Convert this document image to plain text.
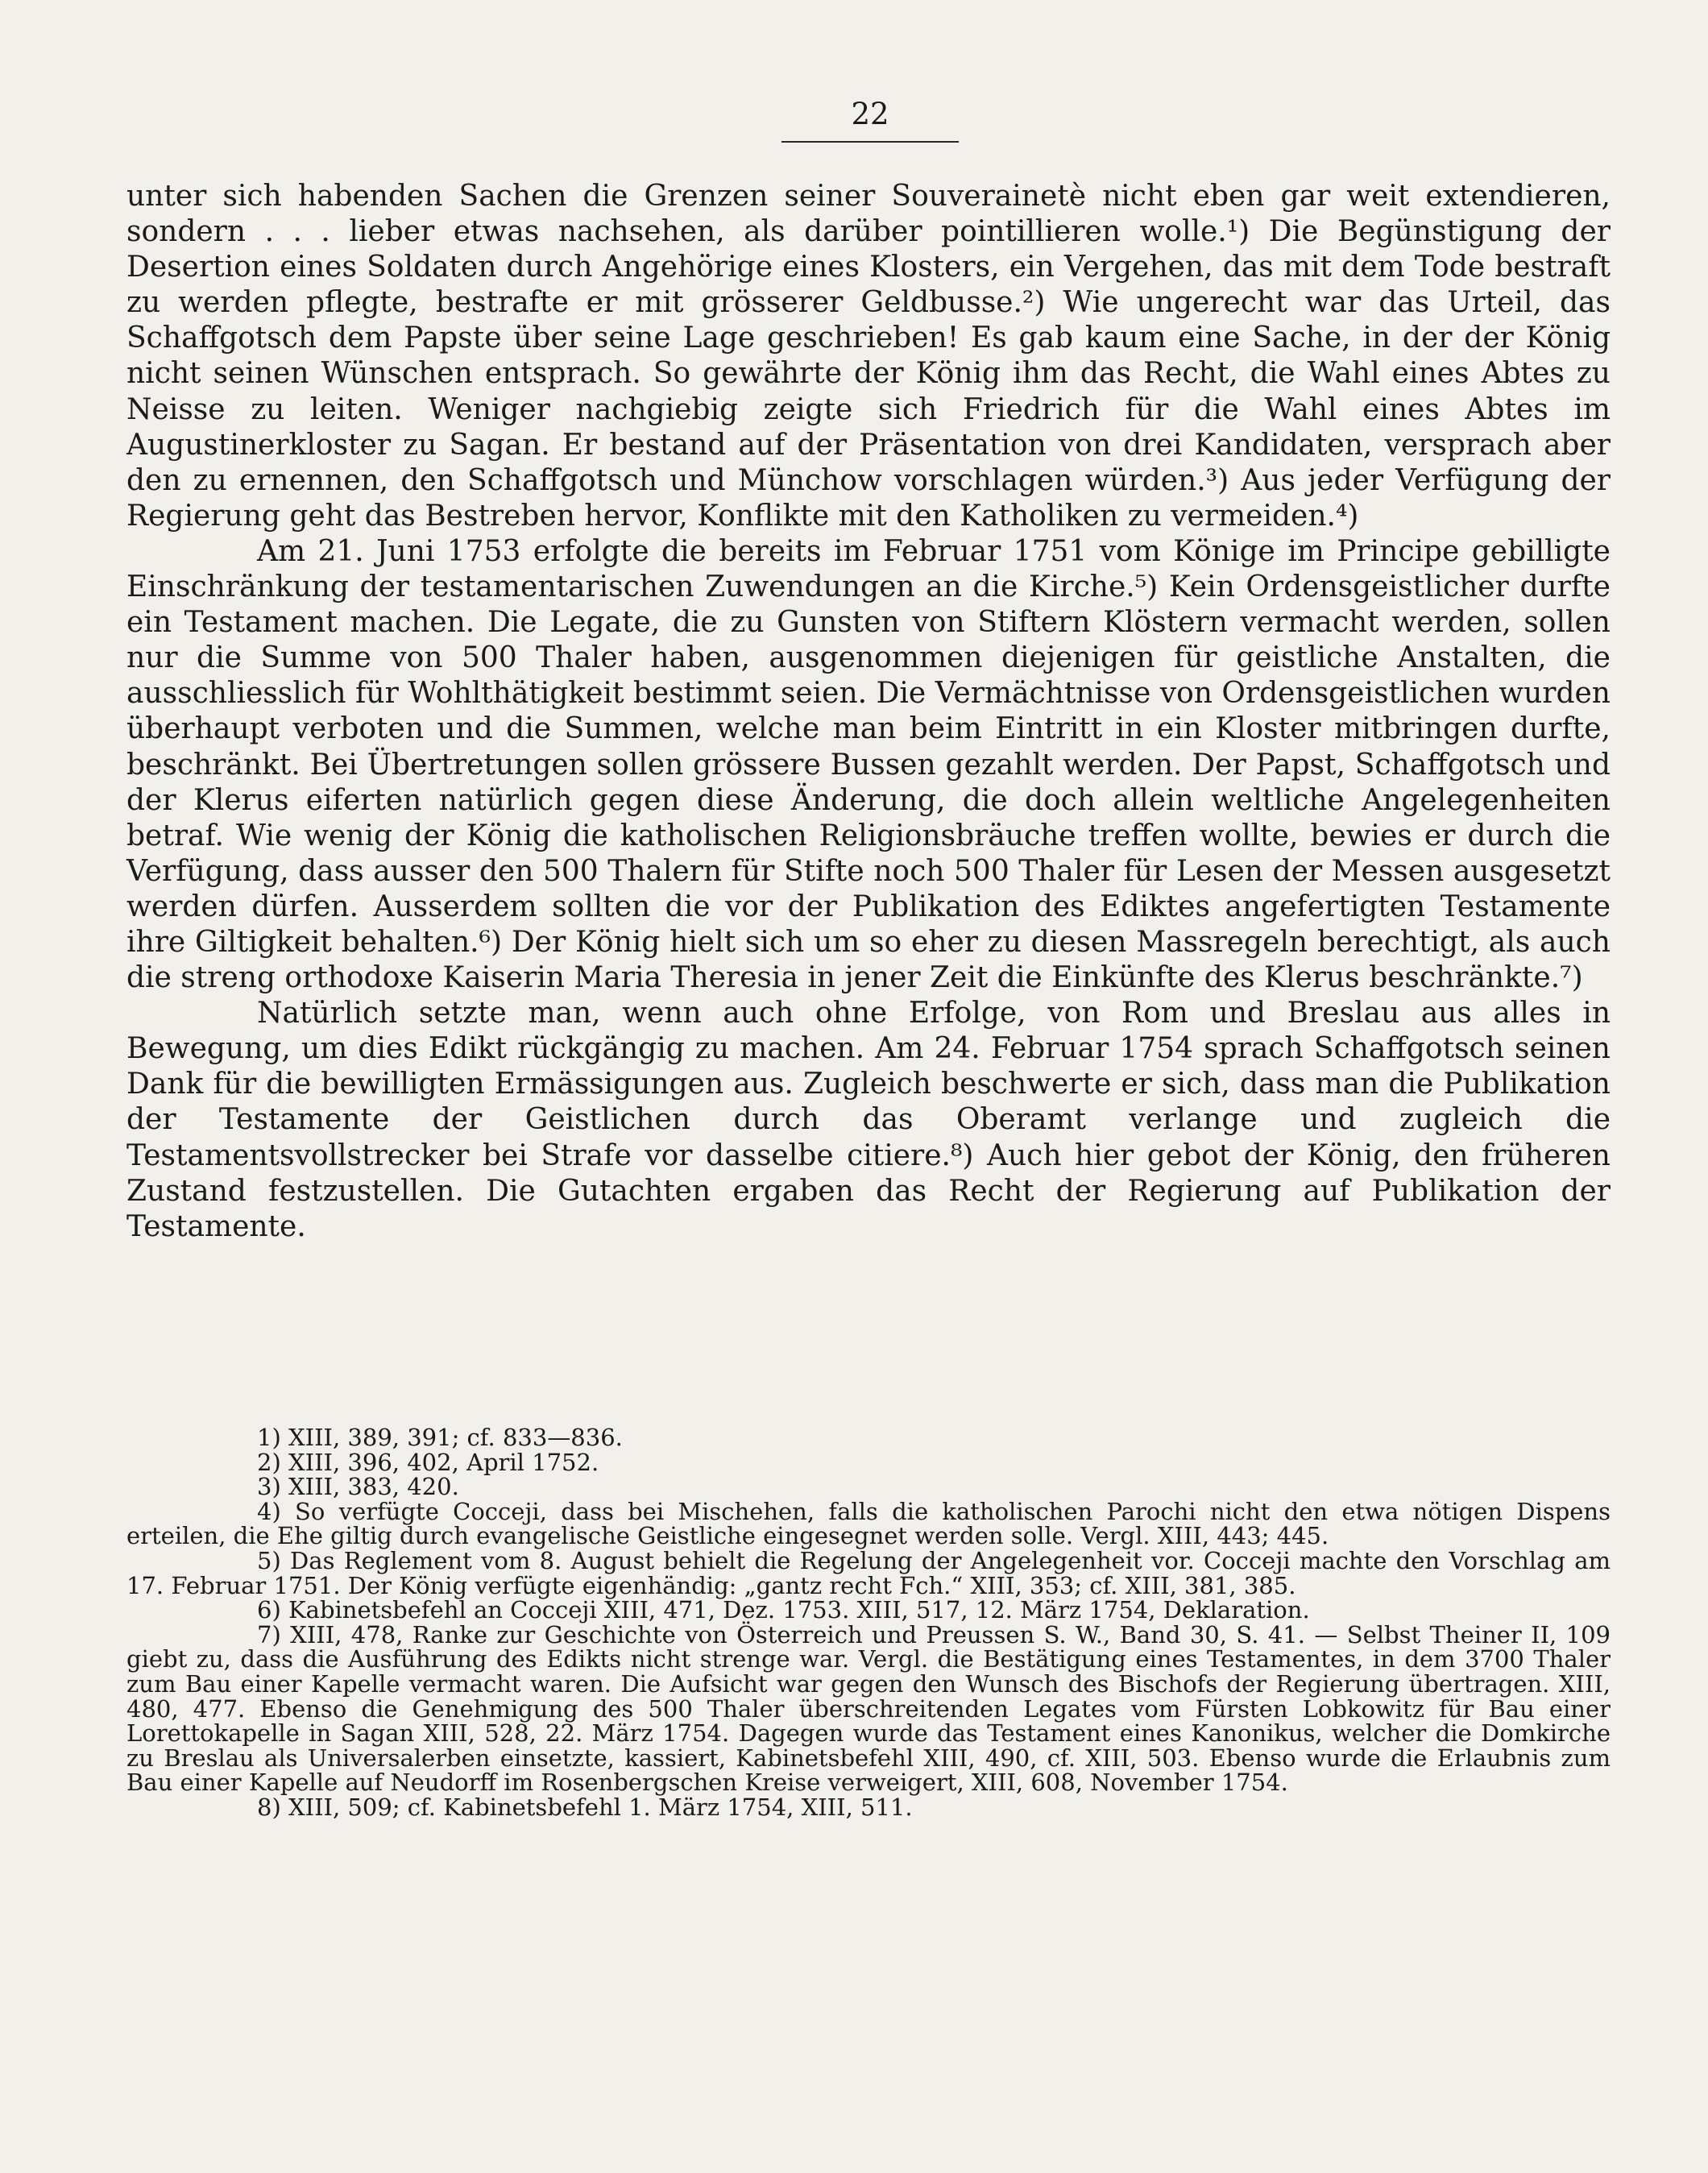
22

unter sich habenden Sachen die Grenzen seiner Souverainetè nicht eben gar weit extendieren, sondern . . . lieber etwas nachsehen, als darüber pointillieren wolle.¹) Die Begünstigung der Desertion eines Soldaten durch Angehörige eines Klosters, ein Vergehen, das mit dem Tode bestraft zu werden pflegte, bestrafte er mit grösserer Geldbusse.²) Wie ungerecht war das Urteil, das Schaffgotsch dem Papste über seine Lage geschrieben! Es gab kaum eine Sache, in der der König nicht seinen Wünschen entsprach. So gewährte der König ihm das Recht, die Wahl eines Abtes zu Neisse zu leiten. Weniger nachgiebig zeigte sich Friedrich für die Wahl eines Abtes im Augustinerkloster zu Sagan. Er bestand auf der Präsentation von drei Kandidaten, versprach aber den zu ernennen, den Schaffgotsch und Münchow vorschlagen würden.³) Aus jeder Verfügung der Regierung geht das Bestreben hervor, Konflikte mit den Katholiken zu vermeiden.⁴)

Am 21. Juni 1753 erfolgte die bereits im Februar 1751 vom Könige im Principe gebilligte Einschränkung der testamentarischen Zuwendungen an die Kirche.⁵) Kein Ordensgeistlicher durfte ein Testament machen. Die Legate, die zu Gunsten von Stiftern Klöstern vermacht werden, sollen nur die Summe von 500 Thaler haben, ausgenommen diejenigen für geistliche Anstalten, die ausschliesslich für Wohlthätigkeit bestimmt seien. Die Vermächtnisse von Ordensgeistlichen wurden überhaupt verboten und die Summen, welche man beim Eintritt in ein Kloster mitbringen durfte, beschränkt. Bei Übertretungen sollen grössere Bussen gezahlt werden. Der Papst, Schaffgotsch und der Klerus eiferten natürlich gegen diese Änderung, die doch allein weltliche Angelegenheiten betraf. Wie wenig der König die katholischen Religionsbräuche treffen wollte, bewies er durch die Verfügung, dass ausser den 500 Thalern für Stifte noch 500 Thaler für Lesen der Messen ausgesetzt werden dürfen. Ausserdem sollten die vor der Publikation des Ediktes angefertigten Testamente ihre Giltigkeit behalten.⁶) Der König hielt sich um so eher zu diesen Massregeln berechtigt, als auch die streng orthodoxe Kaiserin Maria Theresia in jener Zeit die Einkünfte des Klerus beschränkte.⁷)

Natürlich setzte man, wenn auch ohne Erfolge, von Rom und Breslau aus alles in Bewegung, um dies Edikt rückgängig zu machen. Am 24. Februar 1754 sprach Schaffgotsch seinen Dank für die bewilligten Ermässigungen aus. Zugleich beschwerte er sich, dass man die Publikation der Testamente der Geistlichen durch das Oberamt verlange und zugleich die Testamentsvollstrecker bei Strafe vor dasselbe citiere.⁸) Auch hier gebot der König, den früheren Zustand festzustellen. Die Gutachten ergaben das Recht der Regierung auf Publikation der Testamente.

1) XIII, 389, 391; cf. 833—836.

2) XIII, 396, 402, April 1752.

3) XIII, 383, 420.

4) So verfügte Cocceji, dass bei Mischehen, falls die katholischen Parochi nicht den etwa nötigen Dispens erteilen, die Ehe giltig durch evangelische Geistliche eingesegnet werden solle. Vergl. XIII, 443; 445.

5) Das Reglement vom 8. August behielt die Regelung der Angelegenheit vor. Cocceji machte den Vorschlag am 17. Februar 1751. Der König verfügte eigenhändig: „gantz recht Fch.“ XIII, 353; cf. XIII, 381, 385.

6) Kabinetsbefehl an Cocceji XIII, 471, Dez. 1753. XIII, 517, 12. März 1754, Deklaration.

7) XIII, 478, Ranke zur Geschichte von Österreich und Preussen S. W., Band 30, S. 41. — Selbst Theiner II, 109 giebt zu, dass die Ausführung des Edikts nicht strenge war. Vergl. die Bestätigung eines Testamentes, in dem 3700 Thaler zum Bau einer Kapelle vermacht waren. Die Aufsicht war gegen den Wunsch des Bischofs der Regierung übertragen. XIII, 480, 477. Ebenso die Genehmigung des 500 Thaler überschreitenden Legates vom Fürsten Lobkowitz für Bau einer Lorettokapelle in Sagan XIII, 528, 22. März 1754. Dagegen wurde das Testament eines Kanonikus, welcher die Domkirche zu Breslau als Universalerben einsetzte, kassiert, Kabinetsbefehl XIII, 490, cf. XIII, 503. Ebenso wurde die Erlaubnis zum Bau einer Kapelle auf Neudorff im Rosenbergschen Kreise verweigert, XIII, 608, November 1754.

8) XIII, 509; cf. Kabinetsbefehl 1. März 1754, XIII, 511.
